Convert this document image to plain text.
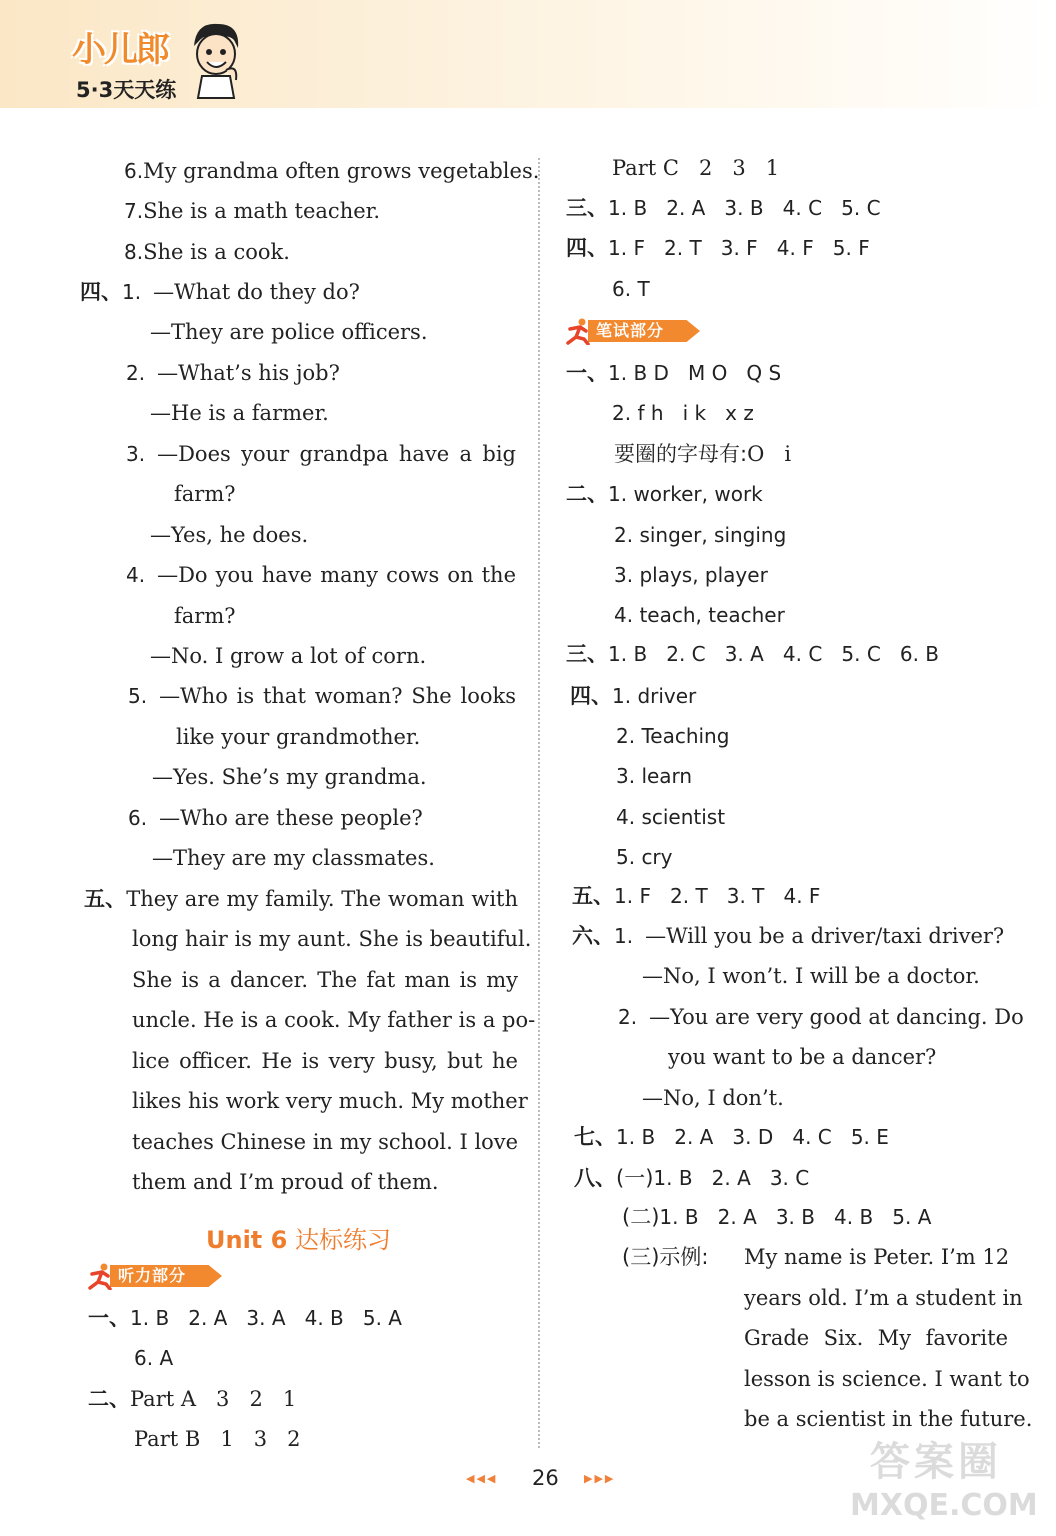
小儿郎
5·3天天练
6.My grandma often grows vegetables.
7.She is a math teacher.
8.She is a cook.
四、1. —What do they do?
—They are police officers.
2. —What’s his job?
—He is a farmer.
3. —Does your grandpa have a big
farm?
—Yes, he does.
4. —Do you have many cows on the
farm?
—No. I grow a lot of corn.
5. —Who is that woman? She looks
like your grandmother.
—Yes. She’s my grandma.
6. —Who are these people?
—They are my classmates.
五、They are my family. The woman with
long hair is my aunt. She is beautiful.
She is a dancer. The fat man is my
uncle. He is a cook. My father is a po-
lice officer. He is very busy, but he
likes his work very much. My mother
teaches Chinese in my school. I love
them and I’m proud of them.
Unit 6 达标练习
听力部分
一、1. B   2. A   3. A   4. B   5. A
6. A
二、Part A   3   2   1
Part B   1   3   2
Part C   2   3   1
三、1. B   2. A   3. B   4. C   5. C
四、1. F   2. T   3. F   4. F   5. F
6. T
笔试部分
一、1. B D   M O   Q S
2. f h   i k   x z
要圈的字母有:O   i
二、1. worker, work
2. singer, singing
3. plays, player
4. teach, teacher
三、1. B   2. C   3. A   4. C   5. C   6. B
四、1. driver
2. Teaching
3. learn
4. scientist
5. cry
五、1. F   2. T   3. T   4. F
六、1. —Will you be a driver/taxi driver?
—No, I won’t. I will be a doctor.
2. —You are very good at dancing. Do
you want to be a dancer?
—No, I don’t.
七、1. B   2. A   3. D   4. C   5. E
八、(一)1. B   2. A   3. C
(二)1. B   2. A   3. B   4. B   5. A
(三)示例: My name is Peter. I’m 12
years old. I’m a student in
Grade Six. My favorite
lesson is science. I want to
be a scientist in the future.
◀◀◀ 26 ▶▶▶	答案圈
MXQE.COM
